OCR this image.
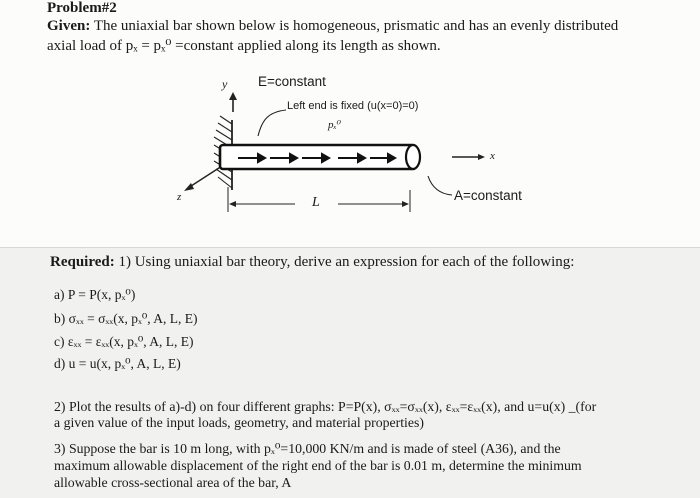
Problem#2
Given: The uniaxial bar shown below is homogeneous, prismatic and has an evenly distributed
axial load of pₓ = pₓ⁰ =constant applied along its length as shown.
y E=constant
Left end is fixed (u(x=0)=0)
pₓ⁰
x
z	L	A=constant
Required: 1) Using uniaxial bar theory, derive an expression for each of the following:
a) P = P(x, pₓ⁰)
b) σₓₓ = σₓₓ(x, pₓ⁰, A, L, E)
c) εₓₓ = εₓₓ(x, pₓ⁰, A, L, E)
d) u = u(x, pₓ⁰, A, L, E)
2) Plot the results of a)-d) on four different graphs: P=P(x), σₓₓ=σₓₓ(x), εₓₓ=εₓₓ(x), and u=u(x) _(for
a given value of the input loads, geometry, and material properties)
3) Suppose the bar is 10 m long, with pₓ⁰=10,000 KN/m and is made of steel (A36), and the
maximum allowable displacement of the right end of the bar is 0.01 m, determine the minimum
allowable cross-sectional area of the bar, A
